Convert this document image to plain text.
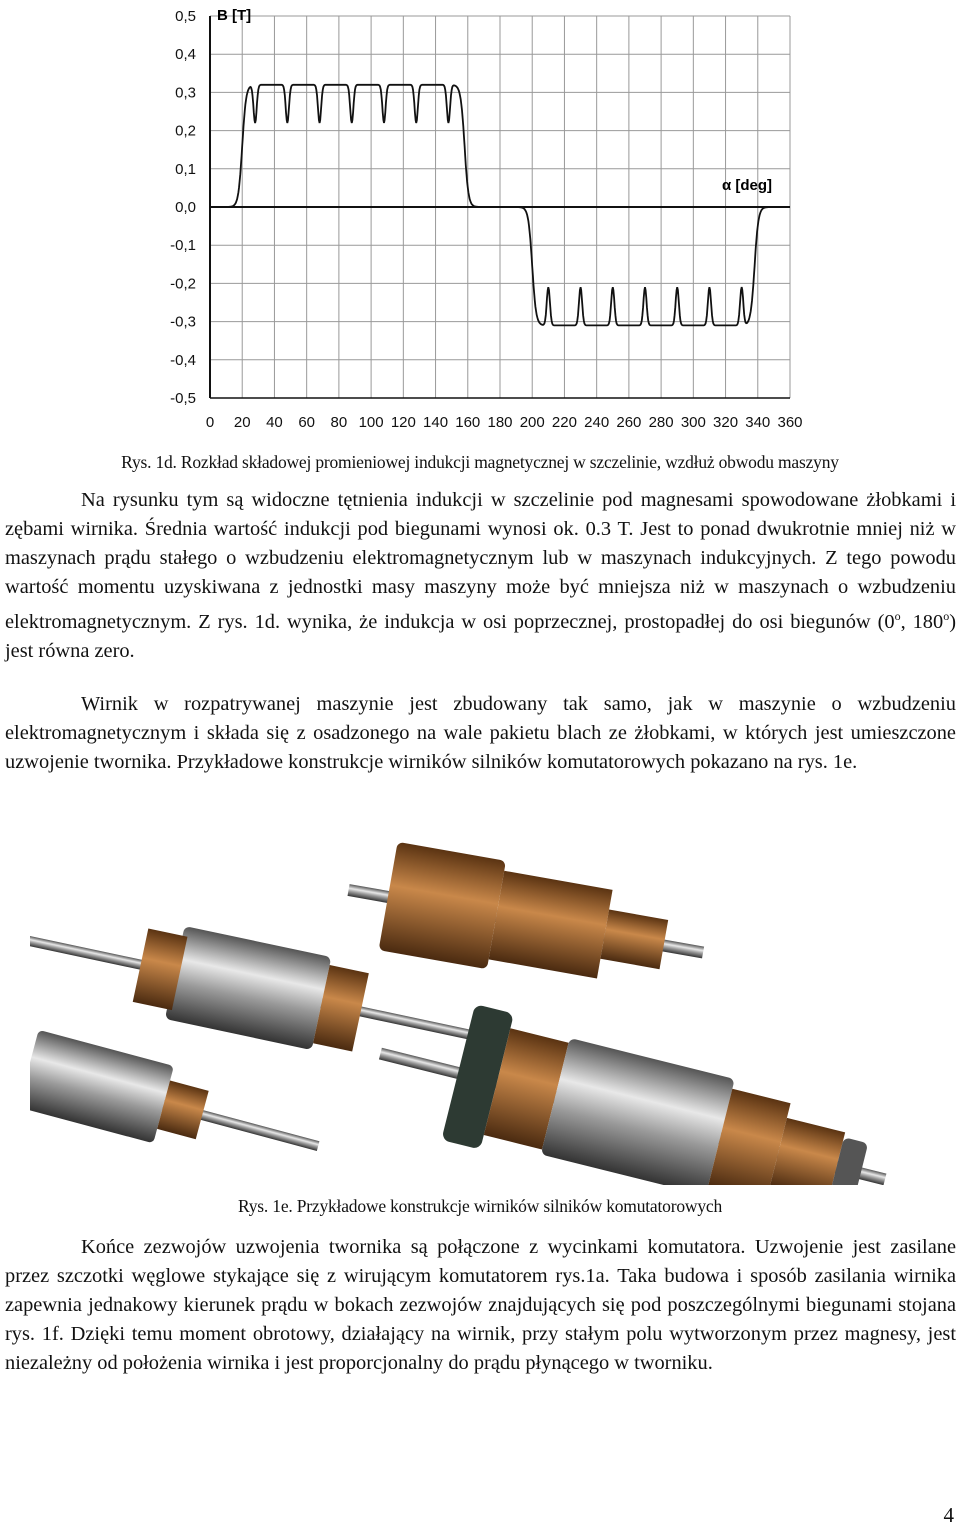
0 20 40 60 80 100 120 140 160 180 200 220 240 260 280 300 320 340 360
0,5
0,4
0,3
0,2
0,1
0,0
-0,1
-0,2
-0,3
-0,4
-0,5
B [T]
α [deg]
Rys. 1d. Rozkład składowej promieniowej indukcji magnetycznej w szczelinie, wzdłuż obwodu maszyny

Na rysunku tym są widoczne tętnienia indukcji w szczelinie pod magnesami spowodowane żłobkami i zębami wirnika. Średnia wartość indukcji pod biegunami wynosi ok. 0.3 T. Jest to ponad dwukrotnie mniej niż w maszynach prądu stałego o wzbudzeniu elektromagnetycznym lub w maszynach indukcyjnych. Z tego powodu wartość momentu uzyskiwana z jednostki masy maszyny może być mniejsza niż w maszynach o wzbudzeniu elektromagnetycznym. Z rys. 1d. wynika, że indukcja w osi poprzecznej, prostopadłej do osi biegunów (0$^o$, 180$^o$) jest równa zero.

Wirnik w rozpatrywanej maszynie jest zbudowany tak samo, jak w maszynie o wzbudzeniu elektromagnetycznym i składa się z osadzonego na wale pakietu blach ze żłobkami, w których jest umieszczone uzwojenie twornika. Przykładowe konstrukcje wirników silników komutatorowych pokazano na rys. 1e.

Rys. 1e. Przykładowe konstrukcje wirników silników komutatorowych

Końce zezwojów uzwojenia twornika są połączone z wycinkami komutatora. Uzwojenie jest zasilane przez szczotki węglowe stykające się z wirującym komutatorem rys.1a. Taka budowa i sposób zasilania wirnika zapewnia jednakowy kierunek prądu w bokach zezwojów znajdujących się pod poszczególnymi biegunami stojana rys. 1f. Dzięki temu moment obrotowy, działający na wirnik, przy stałym polu wytworzonym przez magnesy, jest niezależny od położenia wirnika i jest proporcjonalny do prądu płynącego w tworniku.

4
